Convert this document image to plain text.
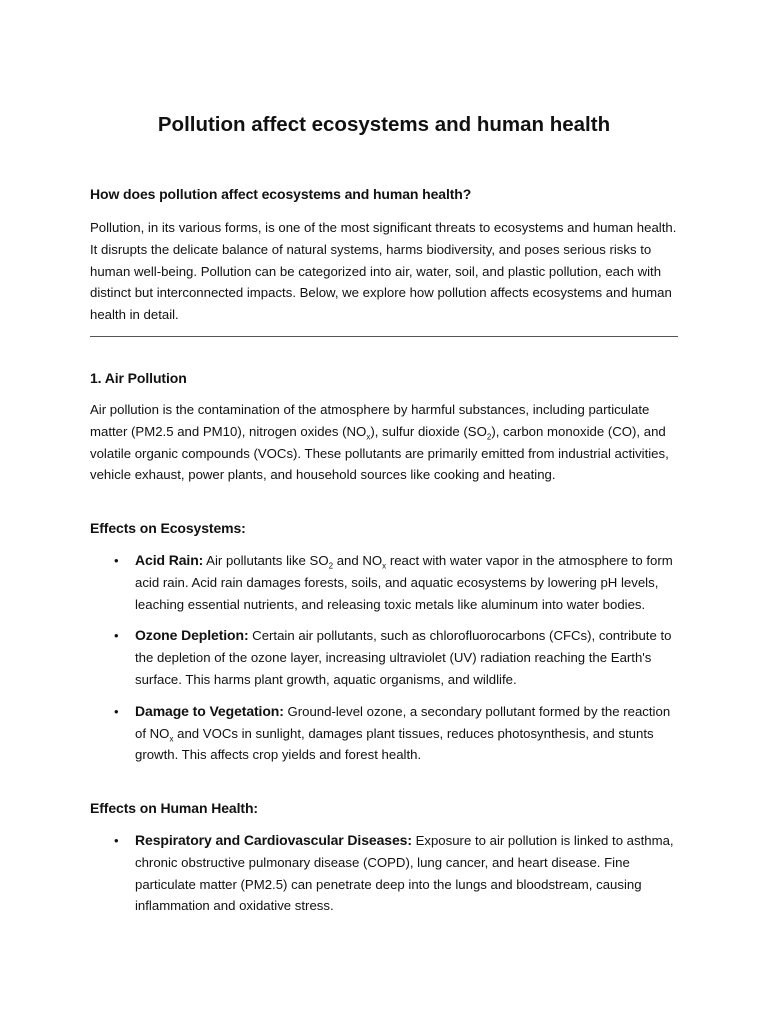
Pollution affect ecosystems and human health
How does pollution affect ecosystems and human health?

Pollution, in its various forms, is one of the most significant threats to ecosystems and human health. It disrupts the delicate balance of natural systems, harms biodiversity, and poses serious risks to human well-being. Pollution can be categorized into air, water, soil, and plastic pollution, each with distinct but interconnected impacts. Below, we explore how pollution affects ecosystems and human health in detail.

1. Air Pollution

Air pollution is the contamination of the atmosphere by harmful substances, including particulate matter (PM2.5 and PM10), nitrogen oxides $(NO_x)$, sulfur dioxide $(SO_2)$, carbon monoxide (CO), and volatile organic compounds (VOCs). These pollutants are primarily emitted from industrial activities, vehicle exhaust, power plants, and household sources like cooking and heating.

Effects on Ecosystems:
• Acid Rain: Air pollutants like $SO_2$ and $NO_x$ react with water vapor in the atmosphere to form acid rain. Acid rain damages forests, soils, and aquatic ecosystems by lowering pH levels, leaching essential nutrients, and releasing toxic metals like aluminum into water bodies.
• Ozone Depletion: Certain air pollutants, such as chlorofluorocarbons (CFCs), contribute to the depletion of the ozone layer, increasing ultraviolet (UV) radiation reaching the Earth's surface. This harms plant growth, aquatic organisms, and wildlife.
• Damage to Vegetation: Ground-level ozone, a secondary pollutant formed by the reaction of $NO_x$ and VOCs in sunlight, damages plant tissues, reduces photosynthesis, and stunts growth. This affects crop yields and forest health.
Effects on Human Health:
• Respiratory and Cardiovascular Diseases: Exposure to air pollution is linked to asthma, chronic obstructive pulmonary disease (COPD), lung cancer, and heart disease. Fine particulate matter (PM2.5) can penetrate deep into the lungs and bloodstream, causing inflammation and oxidative stress.
